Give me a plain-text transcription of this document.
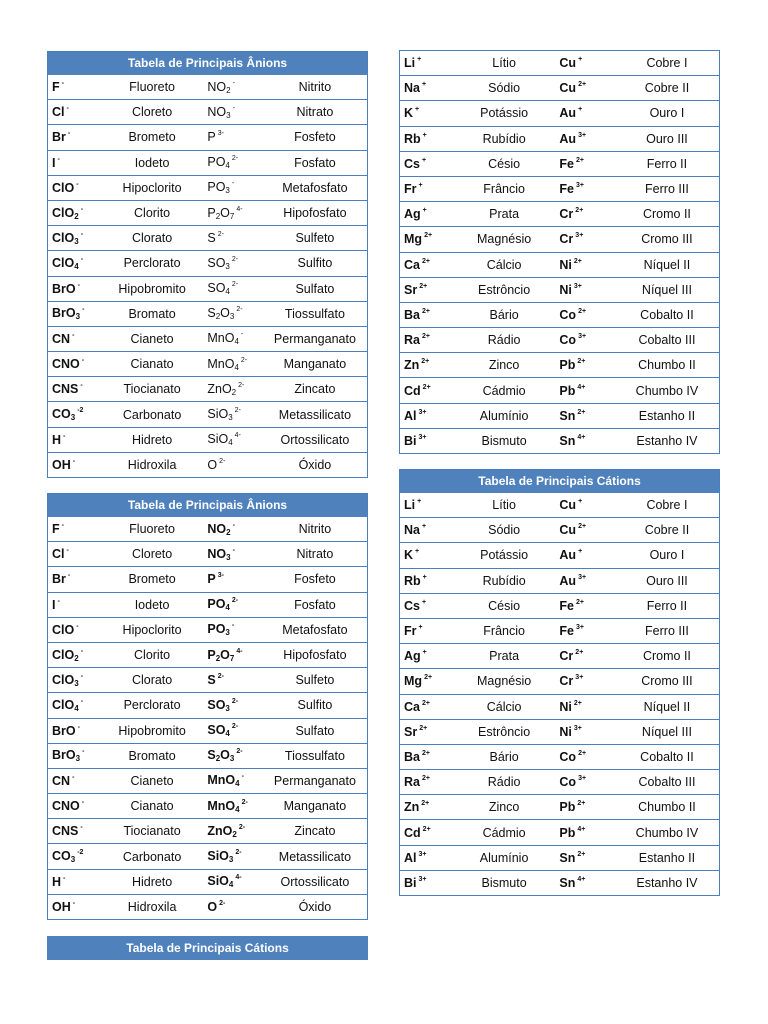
Tabela de Principais Ânions			
F -	Fluoreto	$NO_2^-$	Nitrito
Cl -	Cloreto	$NO_3^-$	Nitrato
Br -	Brometo	P $^{3-}$	Fosfeto
I -	Iodeto	$PO_4^{2-}$	Fosfato
ClO -	Hipoclorito	$PO_3^-$	Metafosfato
ClO$_2$-	Clorito	$P_2O_7^{4-}$	Hipofosfato
ClO$_3$-	Clorato	S $^{2-}$	Sulfeto
ClO$_4$-	Perclorato	$SO_3^{2-}$	Sulfito
BrO -	Hipobromito	$SO_4^{2-}$	Sulfato
BrO$_3$-	Bromato	$S_2O_3^{2-}$	Tiossulfato
CN -	Cianeto	MnO$_4$-	Permanganato
CNO -	Cianato	MnO$_4^{2-}$	Manganato
CNS -	Tiocianato	ZnO$_2^{2-}$	Zincato
$CO_3^{-2}$	Carbonato	SiO$_3^{2-}$	Metassilicato
H -	Hidreto	SiO$_4^{4-}$	Ortossilicato
OH -	Hidroxila	O $^{2-}$	Óxido
Li +	Lítio	Cu +	Cobre I
Na +	Sódio	Cu $^{2+}$	Cobre II
K +	Potássio	Au +	Ouro I
Rb +	Rubídio	Au $^{3+}$	Ouro III
Cs +	Césio	Fe $^{2+}$	Ferro II
Fr +	Frâncio	Fe $^{3+}$	Ferro III
Ag +	Prata	Cr $^{2+}$	Cromo II
Mg $^{2+}$	Magnésio	Cr $^{3+}$	Cromo III
Ca $^{2+}$	Cálcio	Ni $^{2+}$	Níquel II
Sr $^{2+}$	Estrôncio	Ni $^{3+}$	Níquel III
Ba $^{2+}$	Bário	Co $^{2+}$	Cobalto II
Ra $^{2+}$	Rádio	Co $^{3+}$	Cobalto III
Zn $^{2+}$	Zinco	Pb $^{2+}$	Chumbo II
Cd $^{2+}$	Cádmio	Pb $^{4+}$	Chumbo IV
Al $^{3+}$	Alumínio	Sn $^{2+}$	Estanho II
Bi $^{3+}$	Bismuto	Sn $^{4+}$	Estanho IV
Tabela de Principais Ânions			
F -	Fluoreto	$NO_2^-$	Nitrito
Cl -	Cloreto	$NO_3^-$	Nitrato
Br -	Brometo	P $^{3-}$	Fosfeto
I -	Iodeto	$PO_4^{2-}$	Fosfato
ClO -	Hipoclorito	$PO_3^-$	Metafosfato
ClO$_2$-	Clorito	$P_2O_7^{4-}$	Hipofosfato
ClO$_3$-	Clorato	S $^{2-}$	Sulfeto
ClO$_4$-	Perclorato	$SO_3^{2-}$	Sulfito
BrO -	Hipobromito	$SO_4^{2-}$	Sulfato
BrO$_3$-	Bromato	$S_2O_3^{2-}$	Tiossulfato
CN -	Cianeto	MnO$_4$-	Permanganato
CNO -	Cianato	MnO$_4^{2-}$	Manganato
CNS -	Tiocianato	ZnO$_2^{2-}$	Zincato
$CO_3^{-2}$	Carbonato	SiO$_3^{2-}$	Metassilicato
H -	Hidreto	SiO$_4^{4-}$	Ortossilicato
OH -	Hidroxila	O $^{2-}$	Óxido
Tabela de Principais Cátions			
Li +	Lítio	Cu +	Cobre I
Na +	Sódio	Cu $^{2+}$	Cobre II
K +	Potássio	Au +	Ouro I
Rb +	Rubídio	Au $^{3+}$	Ouro III
Cs +	Césio	Fe $^{2+}$	Ferro II
Fr +	Frâncio	Fe $^{3+}$	Ferro III
Ag +	Prata	Cr $^{2+}$	Cromo II
Mg $^{2+}$	Magnésio	Cr $^{3+}$	Cromo III
Ca $^{2+}$	Cálcio	Ni $^{2+}$	Níquel II
Sr $^{2+}$	Estrôncio	Ni $^{3+}$	Níquel III
Ba $^{2+}$	Bário	Co $^{2+}$	Cobalto II
Ra $^{2+}$	Rádio	Co $^{3+}$	Cobalto III
Zn $^{2+}$	Zinco	Pb $^{2+}$	Chumbo II
Cd $^{2+}$	Cádmio	Pb $^{4+}$	Chumbo IV
Al $^{3+}$	Alumínio	Sn $^{2+}$	Estanho II
Bi $^{3+}$	Bismuto	Sn $^{4+}$	Estanho IV
Tabela de Principais Cátions
